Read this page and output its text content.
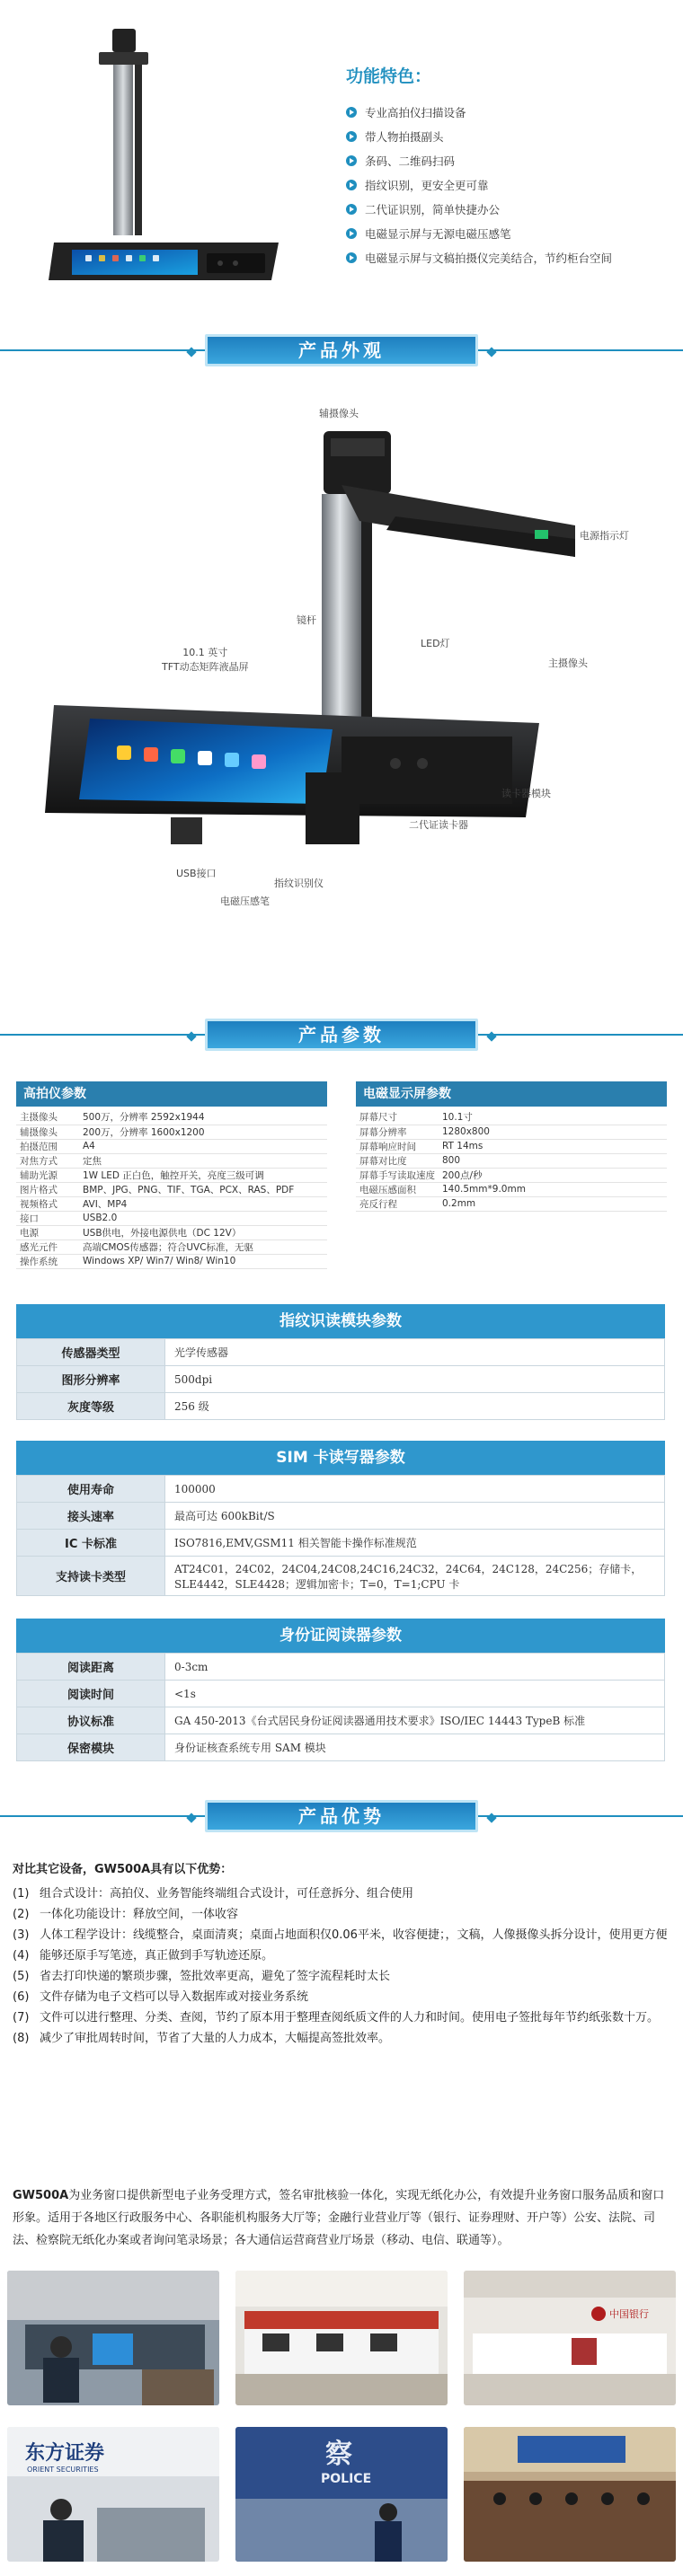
功能特色：
专业高拍仪扫描设备
带人物拍摄副头
条码、二维码扫码
指纹识别，更安全更可靠
二代证识别，简单快捷办公
电磁显示屏与无源电磁压感笔
电磁显示屏与文稿拍摄仪完美结合，节约柜台空间
产品外观
辅摄像头
电源指示灯
镜杆
10.1 英寸
TFT动态矩阵液晶屏
LED灯
主摄像头
读卡器模块
二代证读卡器
USB接口
指纹识别仪
电磁压感笔
产品参数
高拍仪参数
主摄像头	500万，分辨率 2592x1944
辅摄像头	200万，分辨率 1600x1200
拍摄范围	A4
对焦方式	定焦
辅助光源	1W LED 正白色，触控开关，亮度三级可调
图片格式	BMP、JPG、PNG、TIF、TGA、PCX、RAS、PDF
视频格式	AVI、MP4
接口	USB2.0
电源	USB供电，外接电源供电（DC 12V）
感光元件	高端CMOS传感器；符合UVC标准，无驱
操作系统	Windows XP/ Win7/ Win8/ Win10
电磁显示屏参数
屏幕尺寸	10.1寸
屏幕分辨率	1280x800
屏幕响应时间	RT 14ms
屏幕对比度	800
屏幕手写读取速度	200点/秒
电磁压感面积	140.5mm*9.0mm
亮反行程	0.2mm
指纹识读模块参数
传感器类型	光学传感器
图形分辨率	500dpi
灰度等级	256 级
SIM 卡读写器参数
使用寿命	100000
接头速率	最高可达 600kBit/S
IC 卡标准	ISO7816,EMV,GSM11 相关智能卡操作标准规范
支持读卡类型	AT24C01，24C02，24C04,24C08,24C16,24C32，24C64，24C128，24C256；存储卡，SLE4442，SLE4428；逻辑加密卡；T=0，T=1;CPU 卡
身份证阅读器参数
阅读距离	0-3cm
阅读时间	<1s
协议标准	GA 450-2013《台式居民身份证阅读器通用技术要求》ISO/IEC 14443 TypeB 标准
保密模块	身份证核查系统专用 SAM 模块
产品优势
对比其它设备，GW500A具有以下优势：
(1) 组合式设计：高拍仪、业务智能终端组合式设计，可任意拆分、组合使用
(2) 一体化功能设计：释放空间，一体收容
(3) 人体工程学设计：线缆整合，桌面清爽；桌面占地面积仅0.06平米，收容便捷；，文稿，人像摄像头拆分设计，使用更方便
(4) 能够还原手写笔迹，真正做到手写轨迹还原。
(5) 省去打印快递的繁琐步骤，签批效率更高，避免了签字流程耗时太长
(6) 文件存储为电子文档可以导入数据库或对接业务系统
(7) 文件可以进行整理、分类、查阅，节约了原本用于整理查阅纸质文件的人力和时间。使用电子签批每年节约纸张数十万。
(8) 减少了审批周转时间，节省了大量的人力成本，大幅提高签批效率。
GW500A为业务窗口提供新型电子业务受理方式，签名审批核验一体化，实现无纸化办公，有效提升业务窗口服务品质和窗口形象。适用于各地区行政服务中心、各职能机构服务大厅等；金融行业营业厅等（银行、证券理财、开户等）公安、法院、司法、检察院无纸化办案或者询问笔录场景；各大通信运营商营业厅场景（移动、电信、联通等）。
中国银行
东方证券
ORIENT SECURITIES	察
POLICE
